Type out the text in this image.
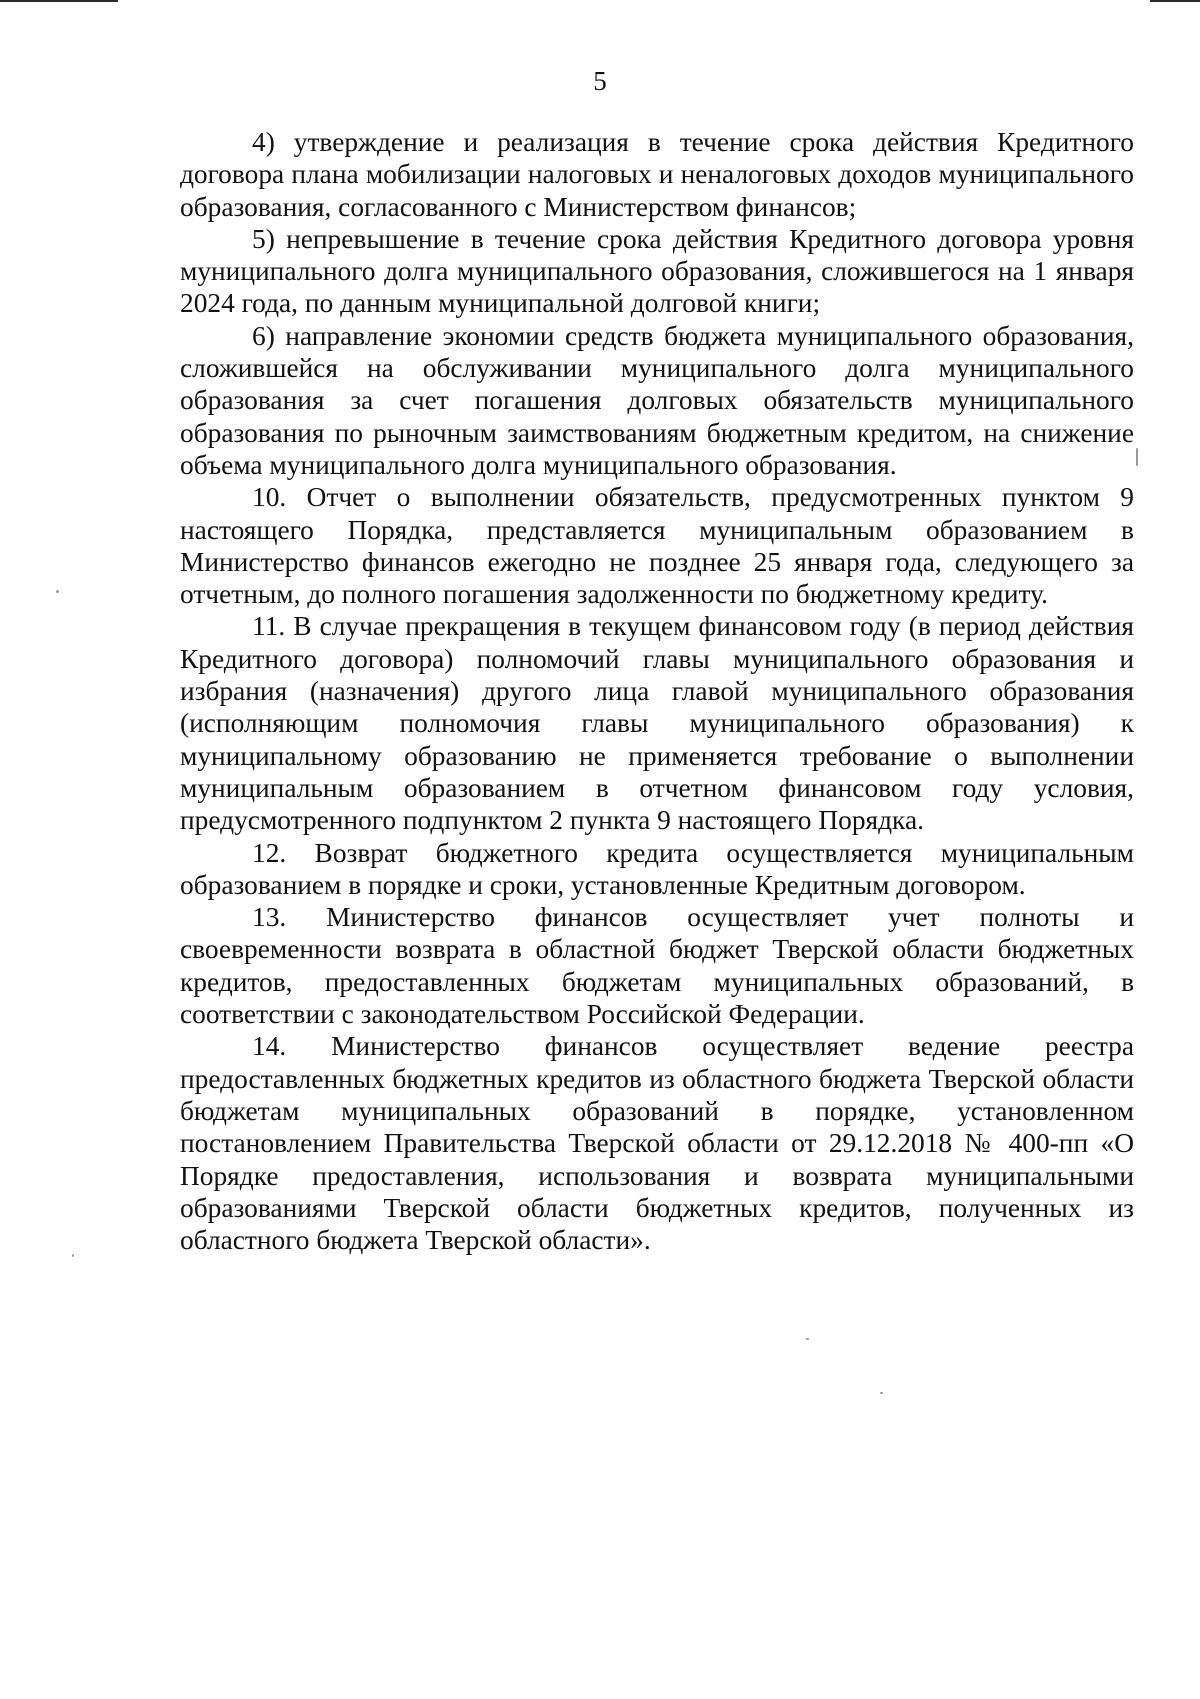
5

4) утверждение и реализация в течение срока действия Кредитного договора плана мобилизации налоговых и неналоговых доходов муниципального образования, согласованного с Министерством финансов;

5) непревышение в течение срока действия Кредитного договора уровня муниципального долга муниципального образования, сложившегося на 1 января 2024 года, по данным муниципальной долговой книги;

6) направление экономии средств бюджета муниципального образования, сложившейся на обслуживании муниципального долга муниципального образования за счет погашения долговых обязательств муниципального образования по рыночным заимствованиям бюджетным кредитом, на снижение объема муниципального долга муниципального образования.

10. Отчет о выполнении обязательств, предусмотренных пунктом 9 настоящего Порядка, представляется муниципальным образованием в Министерство финансов ежегодно не позднее 25 января года, следующего за отчетным, до полного погашения задолженности по бюджетному кредиту.

11. В случае прекращения в текущем финансовом году (в период действия Кредитного договора) полномочий главы муниципального образования и избрания (назначения) другого лица главой муниципального образования (исполняющим полномочия главы муниципального образования) к муниципальному образованию не применяется требование о выполнении муниципальным образованием в отчетном финансовом году условия, предусмотренного подпунктом 2 пункта 9 настоящего Порядка.

12. Возврат бюджетного кредита осуществляется муниципальным образованием в порядке и сроки, установленные Кредитным договором.

13. Министерство финансов осуществляет учет полноты и своевременности возврата в областной бюджет Тверской области бюджетных кредитов, предоставленных бюджетам муниципальных образований, в соответствии с законодательством Российской Федерации.

14. Министерство финансов осуществляет ведение реестра предоставленных бюджетных кредитов из областного бюджета Тверской области бюджетам муниципальных образований в порядке, установленном постановлением Правительства Тверской области от 29.12.2018 № 400-пп «О Порядке предоставления, использования и возврата муниципальными образованиями Тверской области бюджетных кредитов, полученных из областного бюджета Тверской области».
